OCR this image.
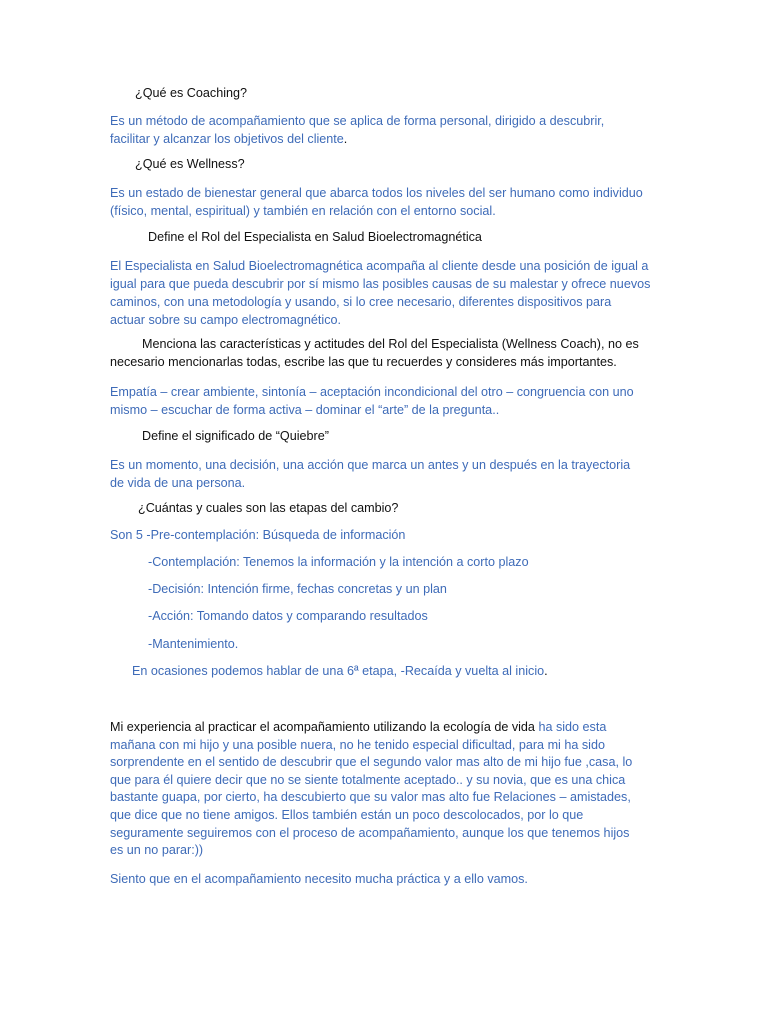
¿Qué es Coaching?

Es un método de acompañamiento que se aplica de forma personal, dirigido a descubrir,

facilitar y alcanzar los objetivos del cliente.

¿Qué es Wellness?

Es un estado de bienestar general que abarca todos los niveles del ser humano como individuo

(físico, mental, espiritual) y también en relación con el entorno social.

Define el Rol del Especialista en Salud Bioelectromagnética

El Especialista en Salud Bioelectromagnética acompaña al cliente desde una posición de igual a

igual para que pueda descubrir por sí mismo las posibles causas de su malestar y ofrece nuevos

caminos, con una metodología y usando, si lo cree necesario, diferentes dispositivos para

actuar sobre su campo electromagnético.

Menciona las características y actitudes del Rol del Especialista (Wellness Coach), no es
necesario mencionarlas todas, escribe las que tu recuerdes y consideres más importantes.

Empatía – crear ambiente, sintonía – aceptación incondicional del otro – congruencia con uno

mismo – escuchar de forma activa – dominar el “arte” de la pregunta..

Define el significado de “Quiebre”

Es un momento, una decisión, una acción que marca un antes y un después en la trayectoria

de vida de una persona.

¿Cuántas y cuales son las etapas del cambio?
Son 5 -Pre-contemplación: Búsqueda de información
-Contemplación: Tenemos la información y la intención a corto plazo
-Decisión: Intención firme, fechas concretas y un plan
-Acción: Tomando datos y comparando resultados
-Mantenimiento.
En ocasiones podemos hablar de una 6ª etapa, -Recaída y vuelta al inicio.

Mi experiencia al practicar el acompañamiento utilizando la ecología de vida ha sido esta

mañana con mi hijo y una posible nuera, no he tenido especial dificultad, para mi ha sido

sorprendente en el sentido de descubrir que el segundo valor mas alto de mi hijo fue ,casa, lo

que para él quiere decir que no se siente totalmente aceptado.. y su novia, que es una chica

bastante guapa, por cierto, ha descubierto que su valor mas alto fue Relaciones – amistades,

que dice que no tiene amigos. Ellos también están un poco descolocados, por lo que

seguramente seguiremos con el proceso de acompañamiento, aunque los que tenemos hijos

es un no parar:))

Siento que en el acompañamiento necesito mucha práctica y a ello vamos.
